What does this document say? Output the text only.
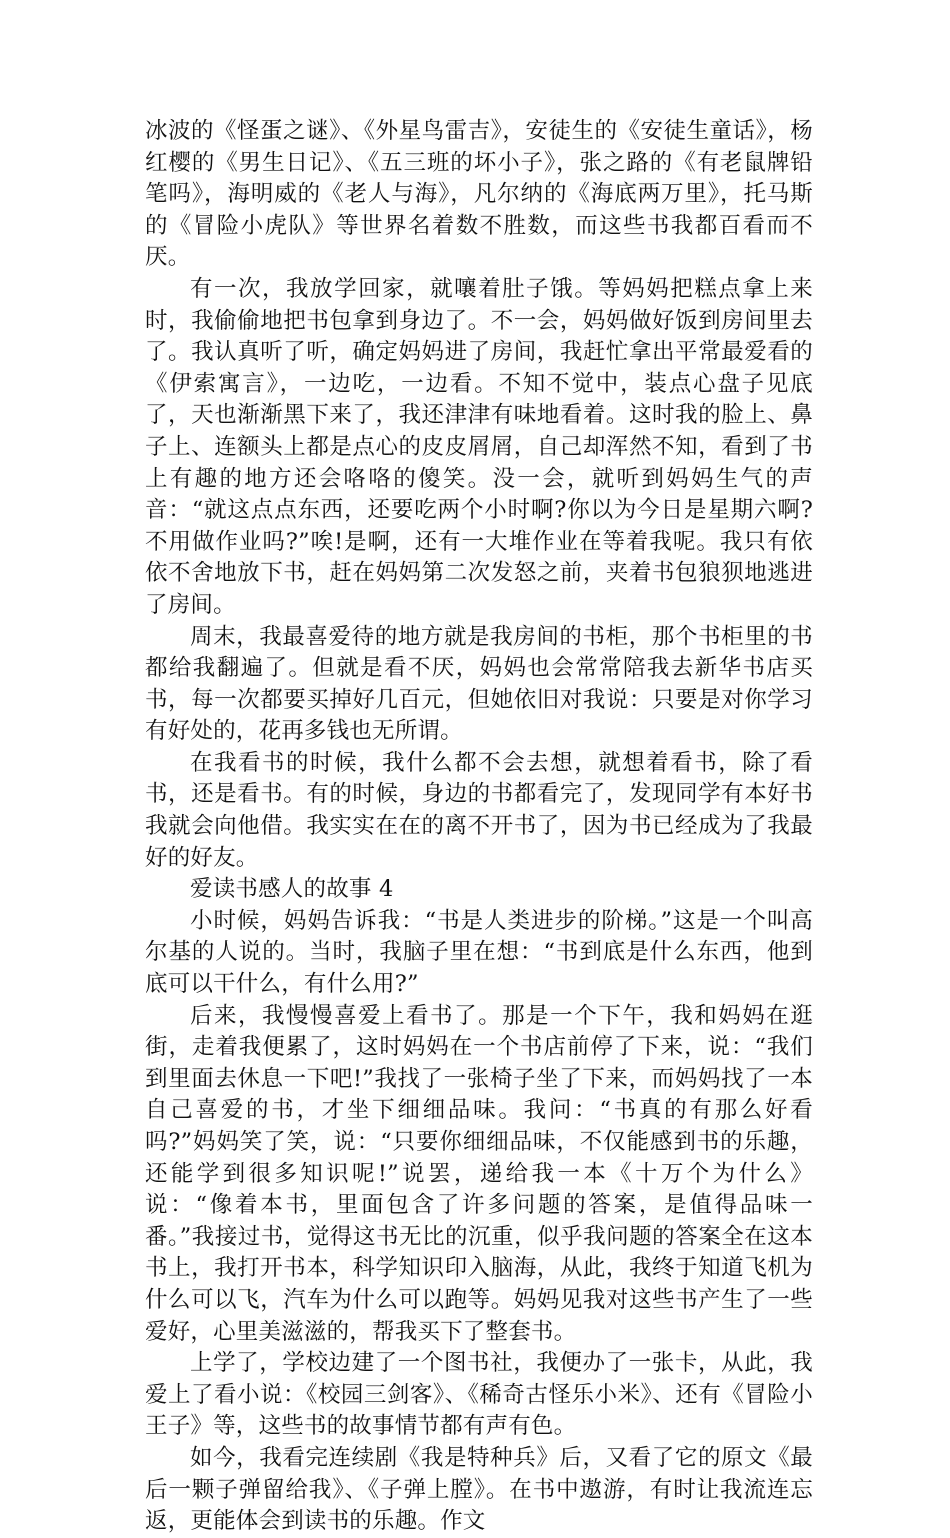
冰波的《怪蛋之谜》、《外星鸟雷吉》，安徒生的《安徒生童话》，杨红樱的《男生日记》、《五三班的坏小子》，张之路的《有老鼠牌铅笔吗》，海明威的《老人与海》，凡尔纳的《海底两万里》，托马斯的《冒险小虎队》等世界名着数不胜数，而这些书我都百看而不厌。

有一次，我放学回家，就嚷着肚子饿。等妈妈把糕点拿上来时，我偷偷地把书包拿到身边了。不一会，妈妈做好饭到房间里去了。我认真听了听，确定妈妈进了房间，我赶忙拿出平常最爱看的《伊索寓言》，一边吃，一边看。不知不觉中，装点心盘子见底了，天也渐渐黑下来了，我还津津有味地看着。这时我的脸上、鼻子上、连额头上都是点心的皮皮屑屑，自己却浑然不知，看到了书上有趣的地方还会咯咯的傻笑。没一会，就听到妈妈生气的声音：“就这点点东西，还要吃两个小时啊?你以为今日是星期六啊?不用做作业吗?”唉!是啊，还有一大堆作业在等着我呢。我只有依依不舍地放下书，赶在妈妈第二次发怒之前，夹着书包狼狈地逃进了房间。

周末，我最喜爱待的地方就是我房间的书柜，那个书柜里的书都给我翻遍了。但就是看不厌，妈妈也会常常陪我去新华书店买书，每一次都要买掉好几百元，但她依旧对我说：只要是对你学习有好处的，花再多钱也无所谓。

在我看书的时候，我什么都不会去想，就想着看书，除了看书，还是看书。有的时候，身边的书都看完了，发现同学有本好书我就会向他借。我实实在在的离不开书了，因为书已经成为了我最好的好友。

爱读书感人的故事 4

小时候，妈妈告诉我：“书是人类进步的阶梯。”这是一个叫高尔基的人说的。当时，我脑子里在想：“书到底是什么东西，他到底可以干什么，有什么用?”

后来，我慢慢喜爱上看书了。那是一个下午，我和妈妈在逛街，走着我便累了，这时妈妈在一个书店前停了下来，说：“我们到里面去休息一下吧!”我找了一张椅子坐了下来，而妈妈找了一本自己喜爱的书，才坐下细细品味。我问：“书真的有那么好看吗?”妈妈笑了笑，说：“只要你细细品味，不仅能感到书的乐趣，还能学到很多知识呢!”说罢，递给我一本《十万个为什么》说：“像着本书，里面包含了许多问题的答案，是值得品味一番。”我接过书，觉得这书无比的沉重，似乎我问题的答案全在这本书上，我打开书本，科学知识印入脑海，从此，我终于知道飞机为什么可以飞，汽车为什么可以跑等。妈妈见我对这些书产生了一些爱好，心里美滋滋的，帮我买下了整套书。

上学了，学校边建了一个图书社，我便办了一张卡，从此，我爱上了看小说：《校园三剑客》、《稀奇古怪乐小米》、还有《冒险小王子》等，这些书的故事情节都有声有色。

如今，我看完连续剧《我是特种兵》后，又看了它的原文《最后一颗子弹留给我》、《子弹上膛》。在书中遨游，有时让我流连忘返，更能体会到读书的乐趣。作文
